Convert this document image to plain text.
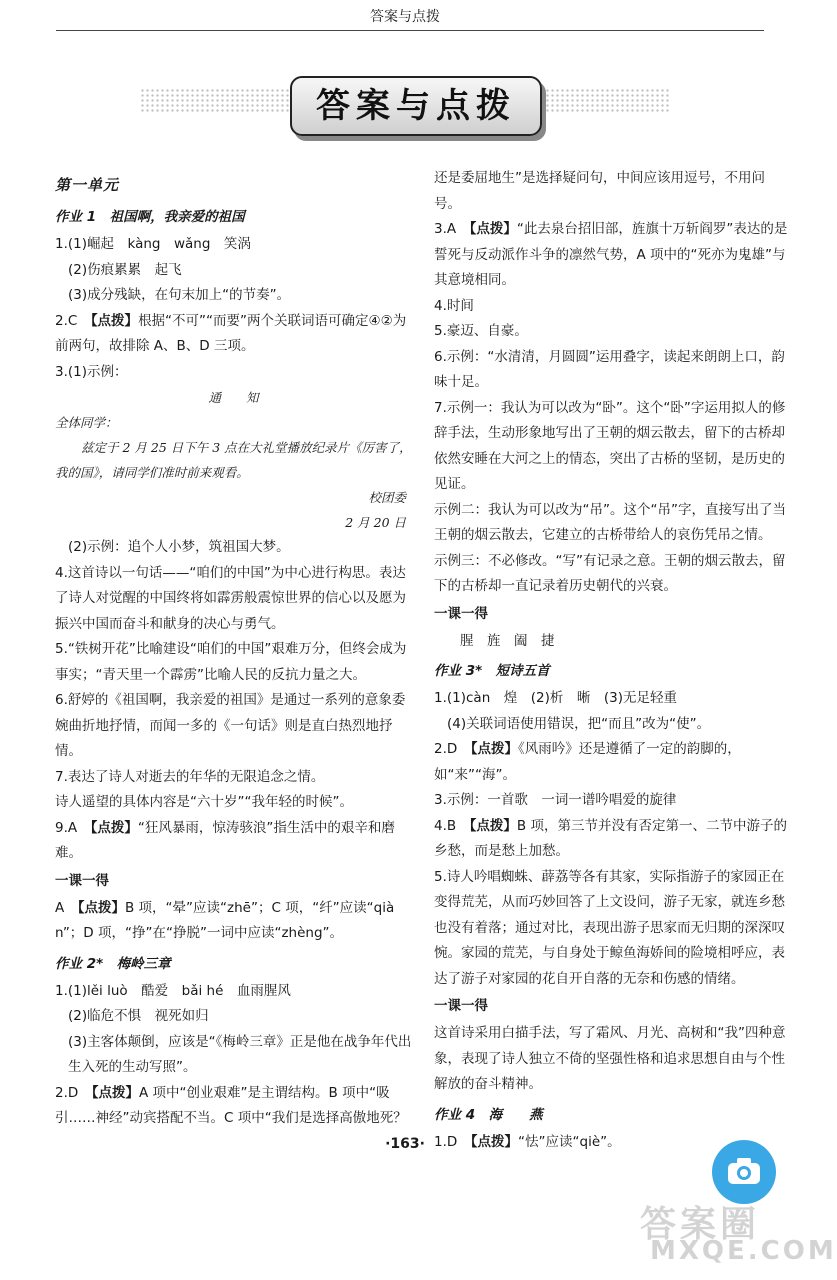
答案与点拨
答案与点拨
第一单元
作业 1　祖国啊，我亲爱的祖国

1.(1)崛起　kàng　wǎng　笑涡

(2)伤痕累累　起飞

(3)成分残缺，在句末加上“的节奏”。

2.C　【点拨】根据“不可”“而要”两个关联词语可确定④②为前两句，故排除 A、B、D 三项。

3.(1)示例：

通　　知

全体同学：

兹定于 2 月 25 日下午 3 点在大礼堂播放纪录片《厉害了，我的国》，请同学们准时前来观看。

校团委

2 月 20 日

(2)示例：追个人小梦，筑祖国大梦。

4.这首诗以一句话——“咱们的中国”为中心进行构思。表达了诗人对觉醒的中国终将如霹雳般震惊世界的信心以及愿为振兴中国而奋斗和献身的决心与勇气。

5.“铁树开花”比喻建设“咱们的中国”艰难万分，但终会成为事实；“青天里一个霹雳”比喻人民的反抗力量之大。

6.舒婷的《祖国啊，我亲爱的祖国》是通过一系列的意象委婉曲折地抒情，而闻一多的《一句话》则是直白热烈地抒情。

7.表达了诗人对逝去的年华的无限追念之情。

诗人遥望的具体内容是“六十岁”“我年轻的时候”。

9.A　【点拨】“狂风暴雨，惊涛骇浪”指生活中的艰辛和磨难。

一课一得

A　【点拨】B 项，“晕”应读“zhē”；C 项，“纤”应读“qiàn”；D 项，“挣”在“挣脱”一词中应读“zhèng”。

作业 2*　梅岭三章

1.(1)lěi luò　酷爱　bǎi hé　血雨腥风

(2)临危不惧　视死如归

(3)主客体颠倒，应该是“《梅岭三章》正是他在战争年代出生入死的生动写照”。

2.D　【点拨】A 项中“创业艰难”是主谓结构。B 项中“吸引……神经”动宾搭配不当。C 项中“我们是选择高傲地死？

还是委屈地生”是选择疑问句，中间应该用逗号，不用问号。

3.A　【点拨】“此去泉台招旧部，旌旗十万斩阎罗”表达的是誓死与反动派作斗争的凛然气势，A 项中的“死亦为鬼雄”与其意境相同。

4.时间

5.豪迈、自豪。

6.示例：“水清清，月圆圆”运用叠字，读起来朗朗上口，韵味十足。

7.示例一：我认为可以改为“卧”。这个“卧”字运用拟人的修辞手法，生动形象地写出了王朝的烟云散去，留下的古桥却依然安睡在大河之上的情态，突出了古桥的坚韧，是历史的见证。

示例二：我认为可以改为“吊”。这个“吊”字，直接写出了当王朝的烟云散去，它建立的古桥带给人的哀伤凭吊之情。

示例三：不必修改。“写”有记录之意。王朝的烟云散去，留下的古桥却一直记录着历史朝代的兴衰。

一课一得

腥　旌　阖　捷

作业 3*　短诗五首

1.(1)càn　煌　(2)析　晰　(3)无足轻重

(4)关联词语使用错误，把“而且”改为“使”。

2.D　【点拨】《风雨吟》还是遵循了一定的韵脚的，如“来”“海”。

3.示例：一首歌　一词一谱吟唱爱的旋律

4.B　【点拨】B 项，第三节并没有否定第一、二节中游子的乡愁，而是愁上加愁。

5.诗人吟唱蜘蛛、薜荔等各有其家，实际指游子的家园正在变得荒芜，从而巧妙回答了上文设问，游子无家，就连乡愁也没有着落；通过对比，表现出游子思家而无归期的深深叹惋。家园的荒芜，与自身处于鲸鱼海娇间的险境相呼应，表达了游子对家园的花自开自落的无奈和伤感的情绪。

一课一得

这首诗采用白描手法，写了霜风、月光、高树和“我”四种意象，表现了诗人独立不倚的坚强性格和追求思想自由与个性解放的奋斗精神。

作业 4　海　　燕

1.D　【点拨】“怯”应读“qiè”。

·163·
答案圈
MXQE.COM
